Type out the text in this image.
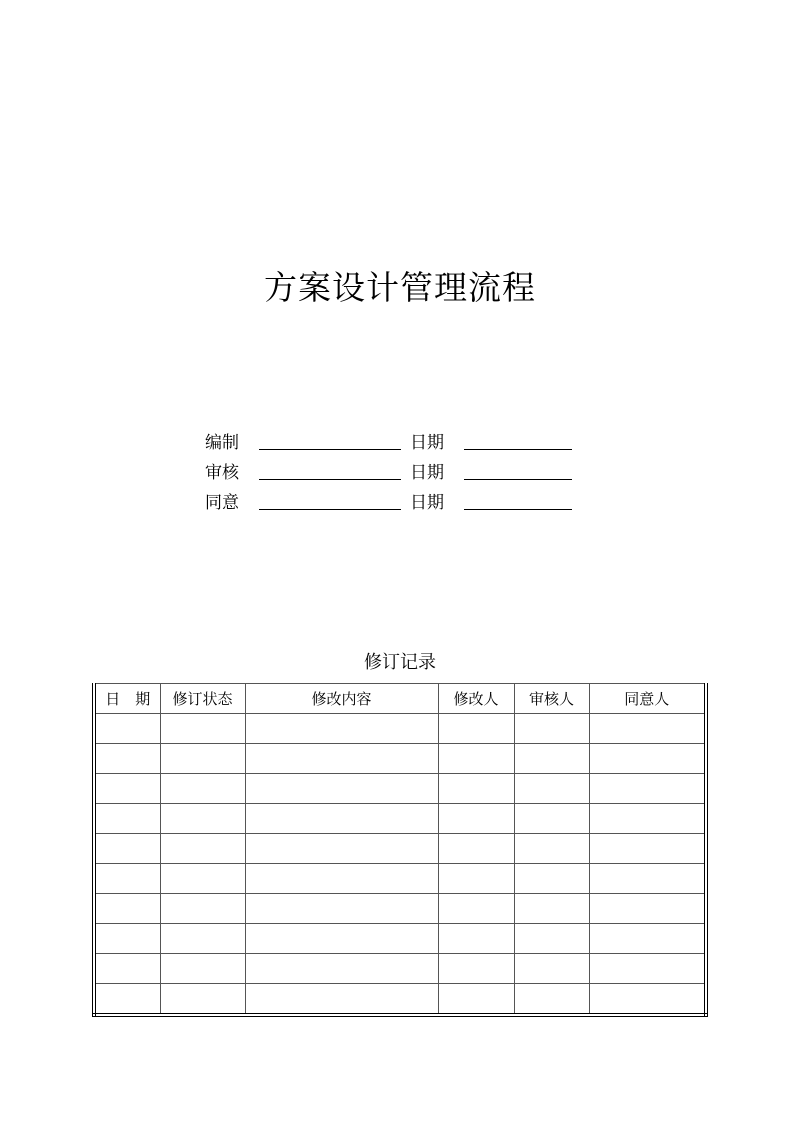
方案设计管理流程
编制	日期
审核	日期
同意	日期
修订记录
日　期	修订状态	修改内容	修改人	审核人	同意人
